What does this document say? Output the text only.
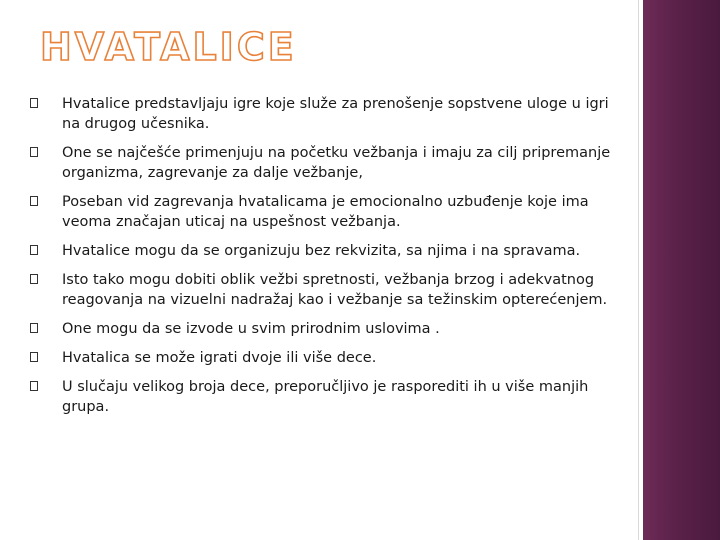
HVATALICE
Hvatalice predstavljaju igre koje služe za prenošenje sopstvene uloge u igri na drugog učesnika.
One se najčešće primenjuju na početku vežbanja i imaju za cilj pripremanje organizma, zagrevanje za dalje vežbanje,
Poseban vid zagrevanja hvatalicama je emocionalno uzbuđenje koje ima veoma značajan uticaj na uspešnost vežbanja.
Hvatalice mogu da se organizuju bez rekvizita, sa njima i na spravama.
Isto tako mogu dobiti oblik vežbi spretnosti, vežbanja brzog i adekvatnog reagovanja na vizuelni nadražaj kao i vežbanje sa težinskim opterećenjem.
One mogu da se izvode u svim prirodnim uslovima .
Hvatalica se može igrati dvoje ili više dece.
U slučaju velikog broja dece, preporučljivo je rasporediti ih u više manjih grupa.
